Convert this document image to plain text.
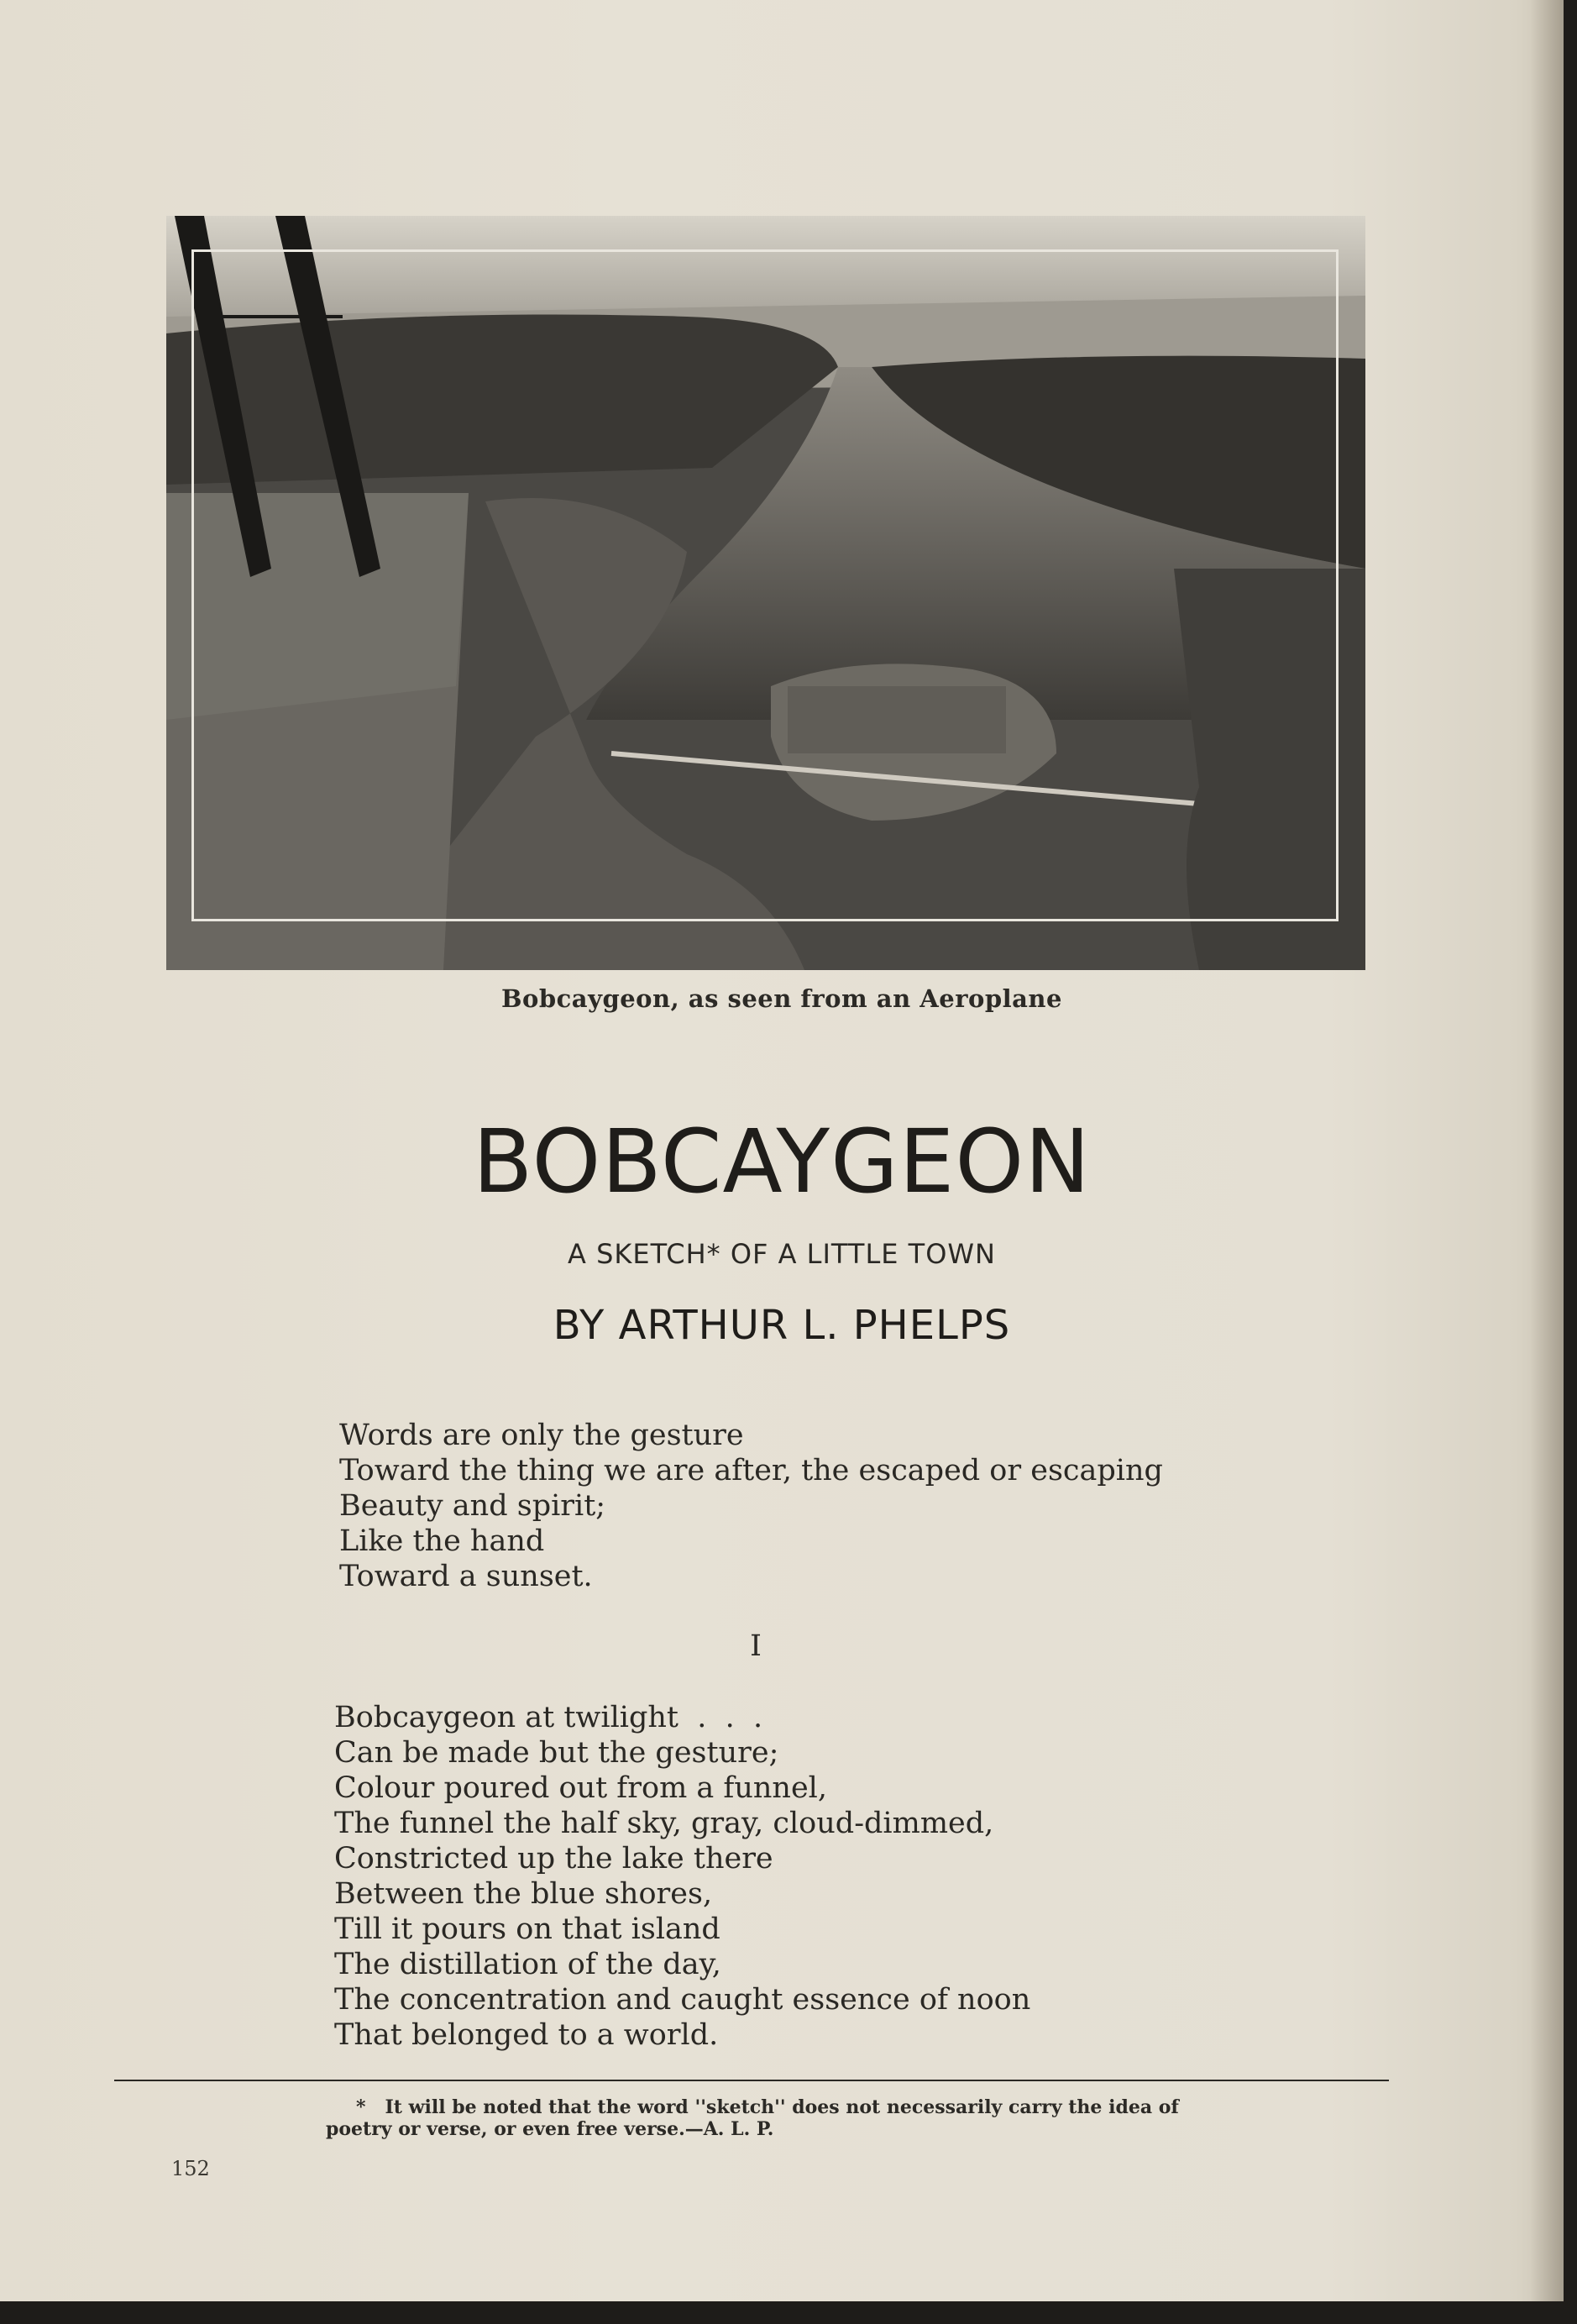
Bobcaygeon, as seen from an Aeroplane
BOBCAYGEON
A SKETCH* OF A LITTLE TOWN
BY ARTHUR L. PHELPS
Words are only the gesture
Toward the thing we are after, the escaped or escaping
Beauty and spirit;
Like the hand
Toward a sunset.
I
Bobcaygeon at twilight  .  .  .
Can be made but the gesture;
Colour poured out from a funnel,
The funnel the half sky, gray, cloud-dimmed,
Constricted up the lake there
Between the blue shores,
Till it pours on that island
The distillation of the day,
The concentration and caught essence of noon
That belonged to a world.
*   It will be noted that the word ''sketch'' does not necessarily carry the idea of
poetry or verse, or even free verse.—A. L. P.
152
